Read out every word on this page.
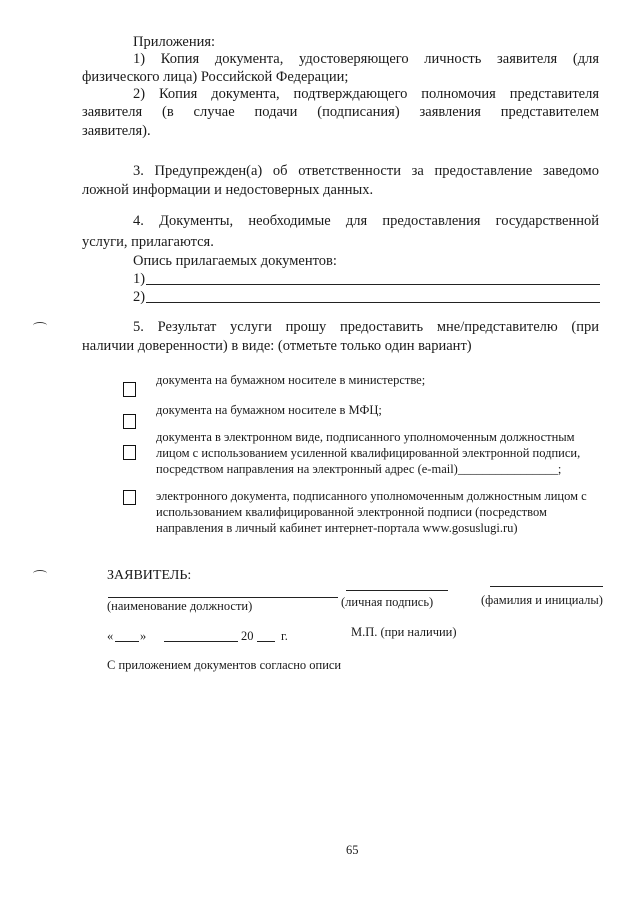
Приложения:
1) Копия документа, удостоверяющего личность заявителя (для
физического лица) Российской Федерации;
2) Копия документа, подтверждающего полномочия представителя
заявителя (в случае подачи (подписания) заявления представителем
заявителя).
3. Предупрежден(а) об ответственности за предоставление заведомо
ложной информации и недостоверных данных.
4. Документы, необходимые для предоставления государственной
услуги, прилагаются.
Опись прилагаемых документов:
1)
2)
5. Результат услуги прошу предоставить мне/представителю (при
наличии доверенности) в виде: (отметьте только один вариант)
документа на бумажном носителе в министерстве;
документа на бумажном носителе в МФЦ;
документа в электронном виде, подписанного уполномоченным должностным
лицом с использованием усиленной квалифицированной электронной подписи,
посредством направления на электронный адрес (e-mail)________________;
электронного документа, подписанного уполномоченным должностным лицом с
использованием квалифицированной электронной подписи (посредством
направления в личный кабинет интернет-портала www.gosuslugi.ru)
ЗАЯВИТЕЛЬ:
(наименование должности)	(личная подпись)	(фамилия и инициалы)
« »	20 г.	М.П. (при наличии)
С приложением документов согласно описи
65
